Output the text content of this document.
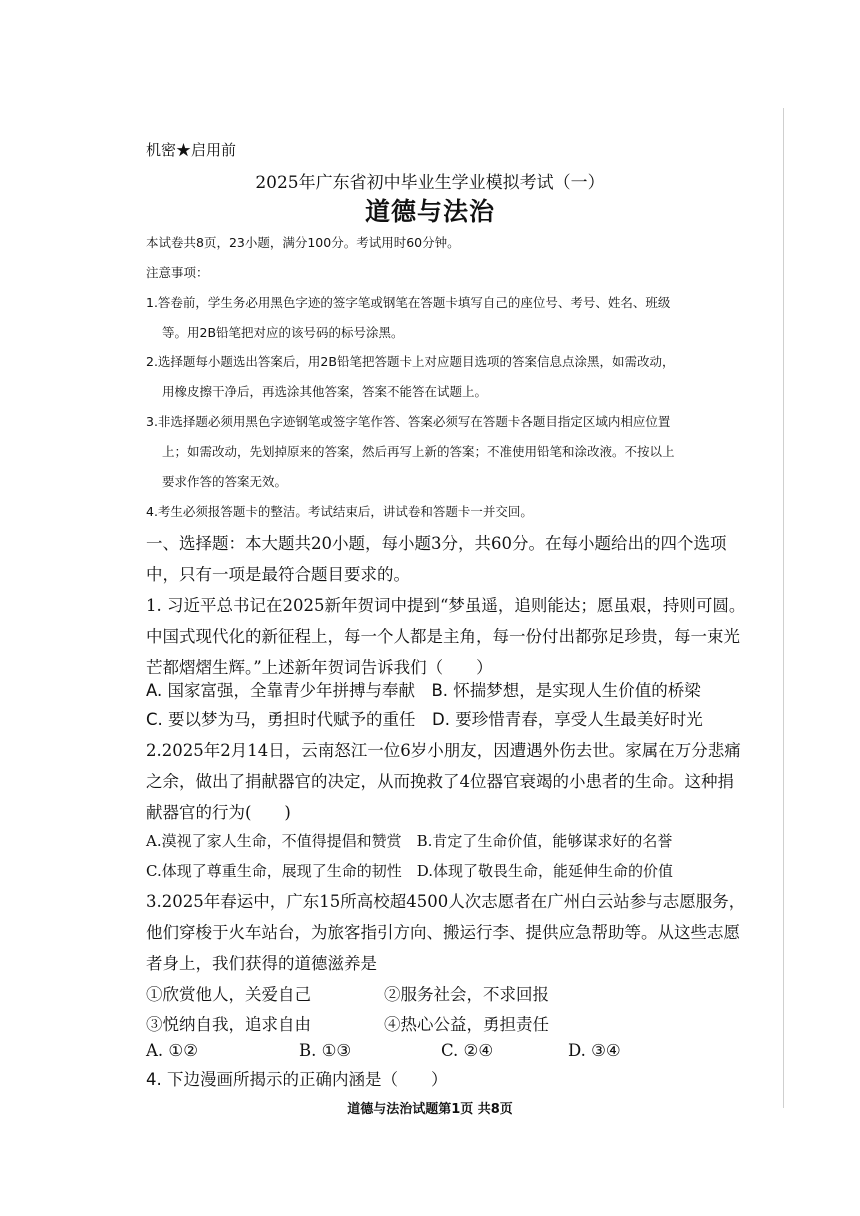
机密★启用前
2025年广东省初中毕业生学业模拟考试（一）
道德与法治
本试卷共8页，23小题，满分100分。考试用时60分钟。
注意事项：
1.答卷前，学生务必用黑色字迹的签字笔或钢笔在答题卡填写自己的座位号、考号、姓名、班级
等。用2B铅笔把对应的该号码的标号涂黑。
2.选择题每小题选出答案后，用2B铅笔把答题卡上对应题目选项的答案信息点涂黑，如需改动，
用橡皮擦干净后，再选涂其他答案，答案不能答在试题上。
3.非选择题必须用黑色字迹钢笔或签字笔作答、答案必须写在答题卡各题目指定区域内相应位置
上；如需改动，先划掉原来的答案，然后再写上新的答案；不准使用铅笔和涂改液。不按以上
要求作答的答案无效。
4.考生必须报答题卡的整洁。考试结束后，讲试卷和答题卡一并交回。
一、选择题：本大题共20小题，每小题3分，共60分。在每小题给出的四个选项
中，只有一项是最符合题目要求的。
1. 习近平总书记在2025新年贺词中提到“梦虽遥，追则能达；愿虽艰，持则可圆。
中国式现代化的新征程上，每一个人都是主角，每一份付出都弥足珍贵，每一束光
芒都熠熠生辉。”上述新年贺词告诉我们（　　）
A. 国家富强，全靠青少年拼搏与奉献　B. 怀揣梦想，是实现人生价值的桥梁
C. 要以梦为马，勇担时代赋予的重任　D. 要珍惜青春，享受人生最美好时光
2.2025年2月14日，云南怒江一位6岁小朋友，因遭遇外伤去世。家属在万分悲痛
之余，做出了捐献器官的决定，从而挽救了4位器官衰竭的小患者的生命。这种捐
献器官的行为(　　)
A.漠视了家人生命，不值得提倡和赞赏　B.肯定了生命价值，能够谋求好的名誉
C.体现了尊重生命，展现了生命的韧性　D.体现了敬畏生命，能延伸生命的价值
3.2025年春运中，广东15所高校超4500人次志愿者在广州白云站参与志愿服务，
他们穿梭于火车站台，为旅客指引方向、搬运行李、提供应急帮助等。从这些志愿
者身上，我们获得的道德滋养是
①欣赏他人，关爱自己	②服务社会，不求回报
③悦纳自我，追求自由	④热心公益，勇担责任
A. ①②	B. ①③	C. ②④	D. ③④
4. 下边漫画所揭示的正确内涵是（　　）
道德与法治试题第1页 共8页
